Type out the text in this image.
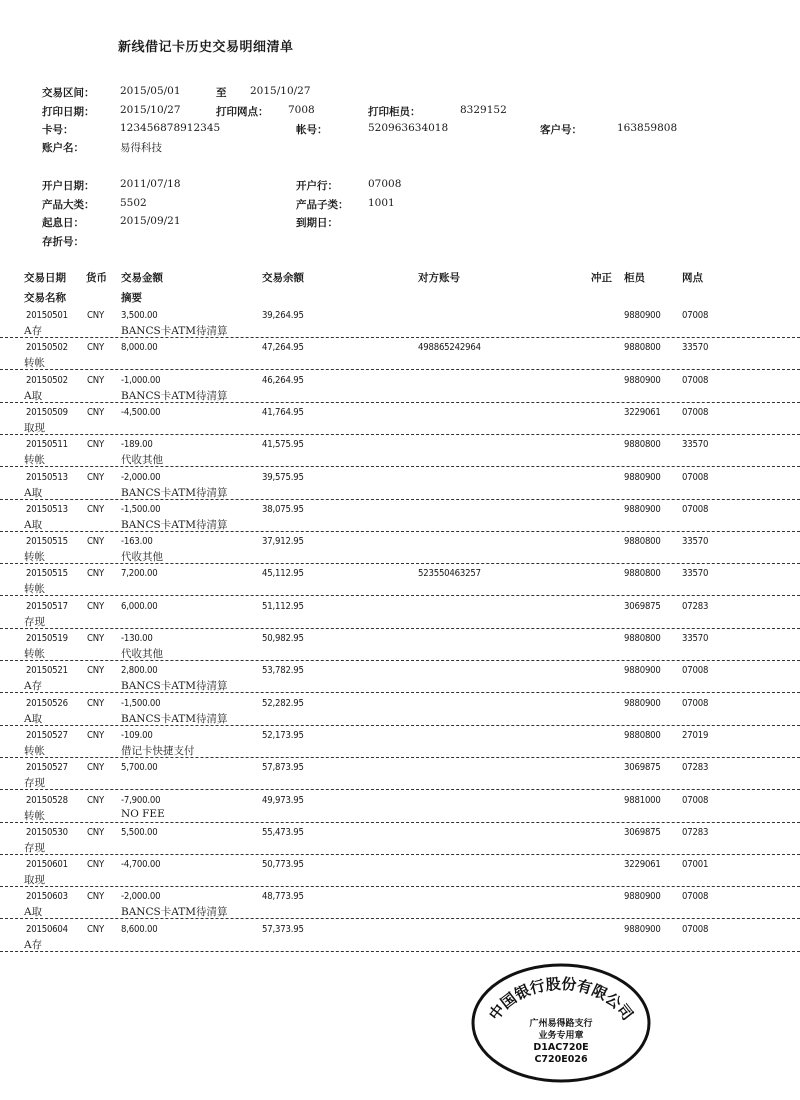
新线借记卡历史交易明细清单
交易区间： 2015/05/01	至 2015/10/27
打印日期： 2015/10/27	打印网点： 7008	打印柜员：	8329152
卡号：	123456878912345	帐号：	520963634018	客户号：	163859808
账户名：	易得科技
开户日期： 2011/07/18	开户行：	07008
产品大类： 5502	产品子类： 1001
起息日：	2015/09/21	到期日：
存折号：
交易日期 货币 交易金额	交易余额	对方账号	冲正 柜员	网点
交易名称	摘要
20150501 CNY 3,500.00	39,264.95	9880900 07008
A存	BANCS卡ATM待清算
20150502 CNY 8,000.00	47,264.95	498865242964	9880800 33570
转帐
20150502 CNY -1,000.00	46,264.95	9880900 07008
A取	BANCS卡ATM待清算
20150509 CNY -4,500.00	41,764.95	3229061 07008
取现
20150511 CNY -189.00	41,575.95	9880800 33570
转帐	代收其他
20150513 CNY -2,000.00	39,575.95	9880900 07008
A取	BANCS卡ATM待清算
20150513 CNY -1,500.00	38,075.95	9880900 07008
A取	BANCS卡ATM待清算
20150515 CNY -163.00	37,912.95	9880800 33570
转帐	代收其他
20150515 CNY 7,200.00	45,112.95	523550463257	9880800 33570
转帐
20150517 CNY 6,000.00	51,112.95	3069875 07283
存现
20150519 CNY -130.00	50,982.95	9880800 33570
转帐	代收其他
20150521 CNY 2,800.00	53,782.95	9880900 07008
A存	BANCS卡ATM待清算
20150526 CNY -1,500.00	52,282.95	9880900 07008
A取	BANCS卡ATM待清算
20150527 CNY -109.00	52,173.95	9880800 27019
转帐	借记卡快捷支付
20150527 CNY 5,700.00	57,873.95	3069875 07283
存现
20150528 CNY -7,900.00	49,973.95	9881000 07008
转帐	NO FEE
20150530 CNY 5,500.00	55,473.95	3069875 07283
存现
20150601 CNY -4,700.00	50,773.95	3229061 07001
取现
20150603 CNY -2,000.00	48,773.95	9880900 07008
A取	BANCS卡ATM待清算
20150604 CNY 8,600.00	57,373.95	9880900 07008
A存
中国银行股份有限公司
广州易得路支行
业务专用章
D1AC720E
C720E026
